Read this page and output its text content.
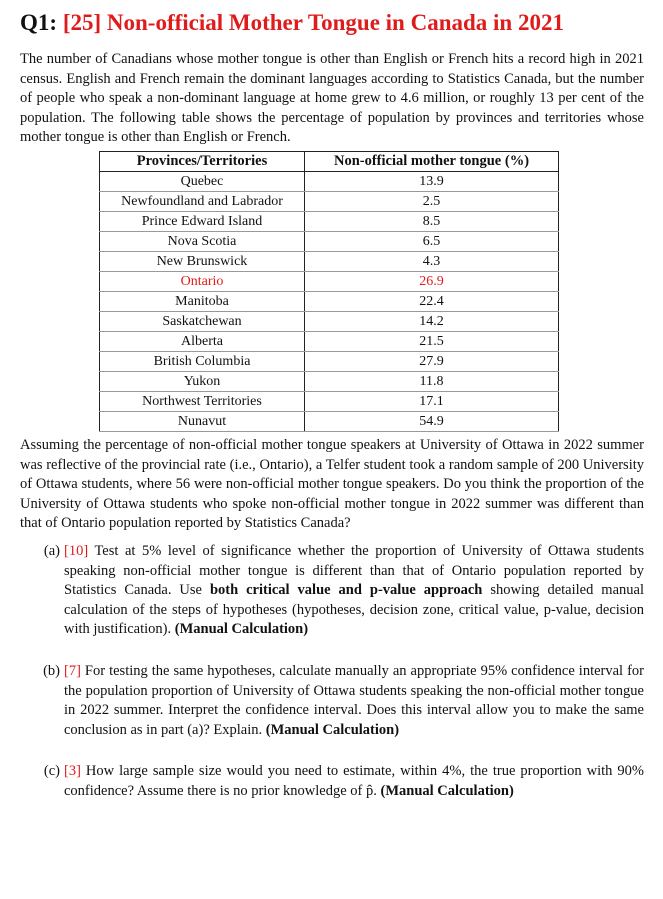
Q1: [25] Non-official Mother Tongue in Canada in 2021

The number of Canadians whose mother tongue is other than English or French hits a record high in 2021 census. English and French remain the dominant languages according to Statistics Canada, but the number of people who speak a non-dominant language at home grew to 4.6 million, or roughly 13 per cent of the population. The following table shows the percentage of population by provinces and territories whose mother tongue is other than English or French.

Provinces/Territories	Non-official mother tongue (%)
Quebec	13.9
Newfoundland and Labrador	2.5
Prince Edward Island	8.5
Nova Scotia	6.5
New Brunswick	4.3
Ontario	26.9
Manitoba	22.4
Saskatchewan	14.2
Alberta	21.5
British Columbia	27.9
Yukon	11.8
Northwest Territories	17.1
Nunavut	54.9

Assuming the percentage of non-official mother tongue speakers at University of Ottawa in 2022 summer was reflective of the provincial rate (i.e., Ontario), a Telfer student took a random sample of 200 University of Ottawa students, where 56 were non-official mother tongue speakers. Do you think the proportion of the University of Ottawa students who spoke non-official mother tongue in 2022 summer was different than that of Ontario population reported by Statistics Canada?

(a) [10] Test at 5% level of significance whether the proportion of University of Ottawa students speaking non-official mother tongue is different than that of Ontario population reported by Statistics Canada. Use both critical value and p-value approach showing detailed manual calculation of the steps of hypotheses (hypotheses, decision zone, critical value, p-value, decision with justification). (Manual Calculation)
(b) [7] For testing the same hypotheses, calculate manually an appropriate 95% confidence interval for the population proportion of University of Ottawa students speaking the non-official mother tongue in 2022 summer. Interpret the confidence interval. Does this interval allow you to make the same conclusion as in part (a)? Explain. (Manual Calculation)
(c) [3] How large sample size would you need to estimate, within 4%, the true proportion with 90% confidence? Assume there is no prior knowledge of p̂. (Manual Calculation)
